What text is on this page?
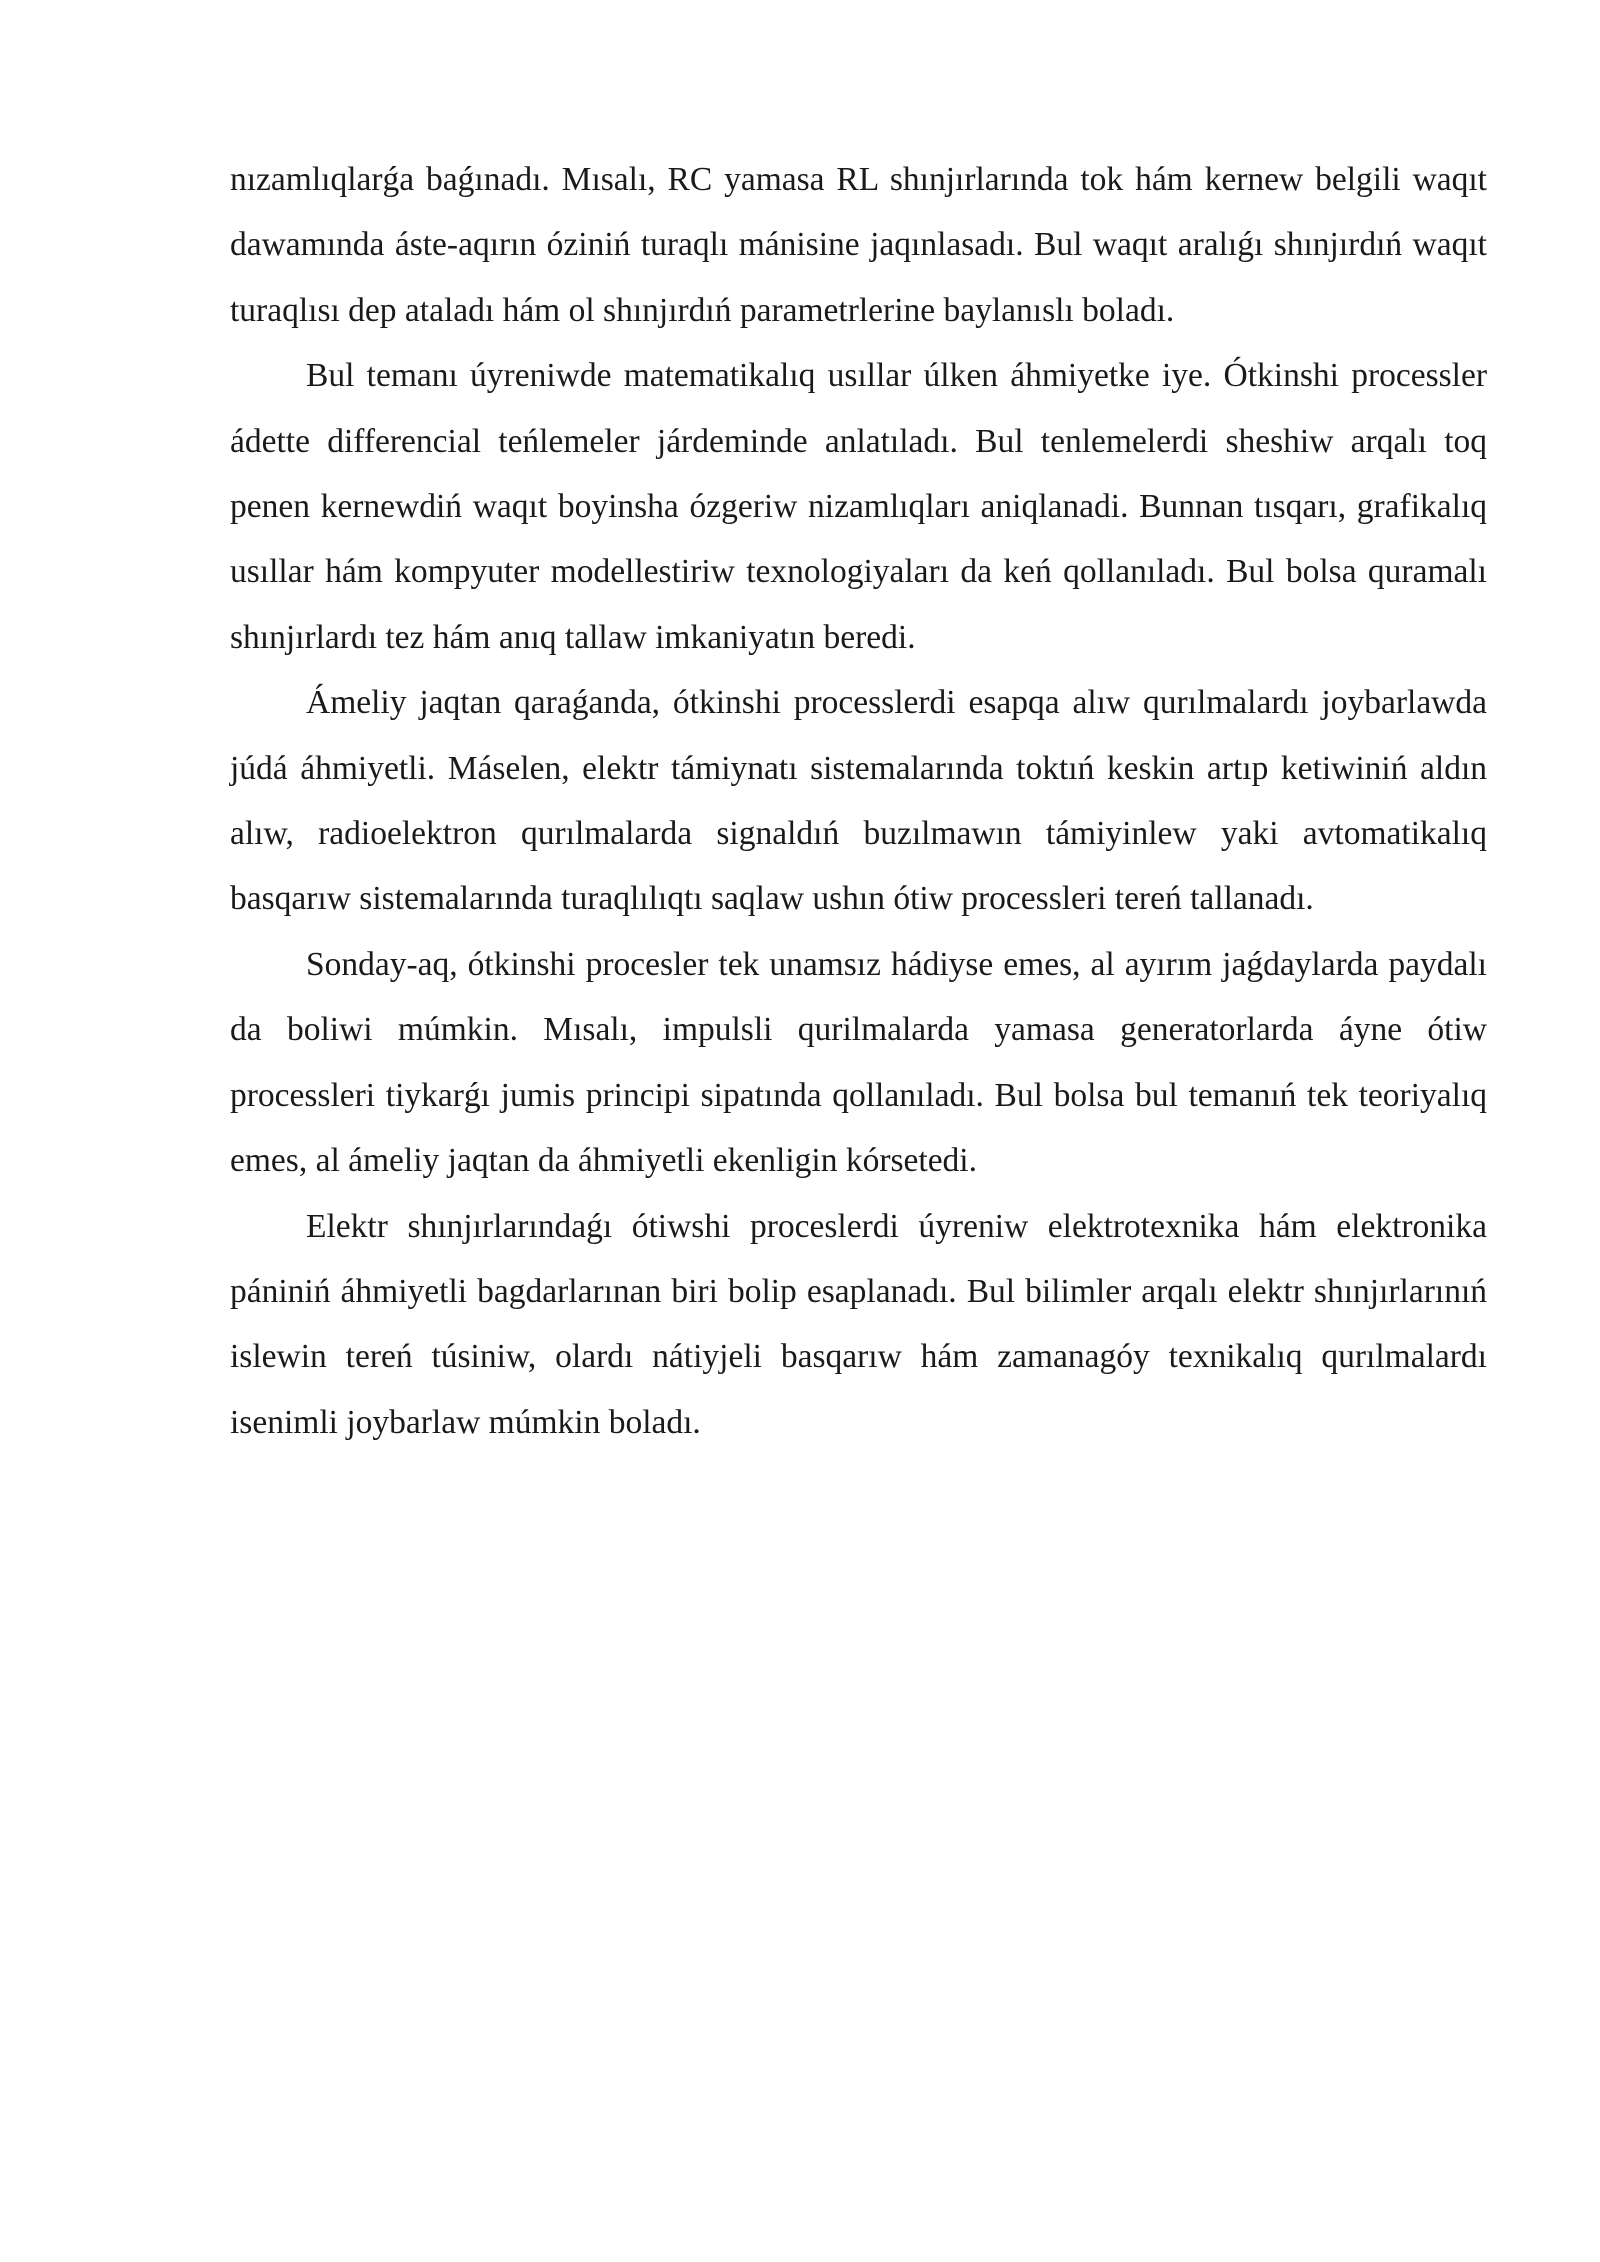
nızamlıqlarǵa baǵınadı. Mısalı, RC yamasa RL shınjırlarında tok hám kernew belgili waqıt dawamında áste-aqırın óziniń turaqlı mánisine jaqınlasadı. Bul waqıt aralıǵı shınjırdıń waqıt turaqlısı dep ataladı hám ol shınjırdıń parametrlerine baylanıslı boladı.

Bul temanı úyreniwde matematikalıq usıllar úlken áhmiyetke iye. Ótkinshi processler ádette differencial teńlemeler járdeminde anlatıladı. Bul tenlemelerdi sheshiw arqalı toq penen kernewdiń waqıt boyinsha ózgeriw nizamlıqları aniqlanadi. Bunnan tısqarı, grafikalıq usıllar hám kompyuter modellestiriw texnologiyaları da keń qollanıladı. Bul bolsa quramalı shınjırlardı tez hám anıq tallaw imkaniyatın beredi.

Ámeliy jaqtan qaraǵanda, ótkinshi processlerdi esapqa alıw qurılmalardı joybarlawda júdá áhmiyetli. Máselen, elektr támiynatı sistemalarında toktıń keskin artıp ketiwiniń aldın alıw, radioelektron qurılmalarda signaldıń buzılmawın támiyinlew yaki avtomatikalıq basqarıw sistemalarında turaqlılıqtı saqlaw ushın ótiw processleri tereń tallanadı.

Sonday-aq, ótkinshi procesler tek unamsız hádiyse emes, al ayırım jaǵdaylarda paydalı da boliwi múmkin. Mısalı, impulsli qurilmalarda yamasa generatorlarda áyne ótiw processleri tiykarǵı jumis principi sipatında qollanıladı. Bul bolsa bul temanıń tek teoriyalıq emes, al ámeliy jaqtan da áhmiyetli ekenligin kórsetedi.

Elektr shınjırlarındaǵı ótiwshi proceslerdi úyreniw elektrotexnika hám elektronika pániniń áhmiyetli bagdarlarınan biri bolip esaplanadı. Bul bilimler arqalı elektr shınjırlarınıń islewin tereń túsiniw, olardı nátiyjeli basqarıw hám zamanagóy texnikalıq qurılmalardı isenimli joybarlaw múmkin boladı.
